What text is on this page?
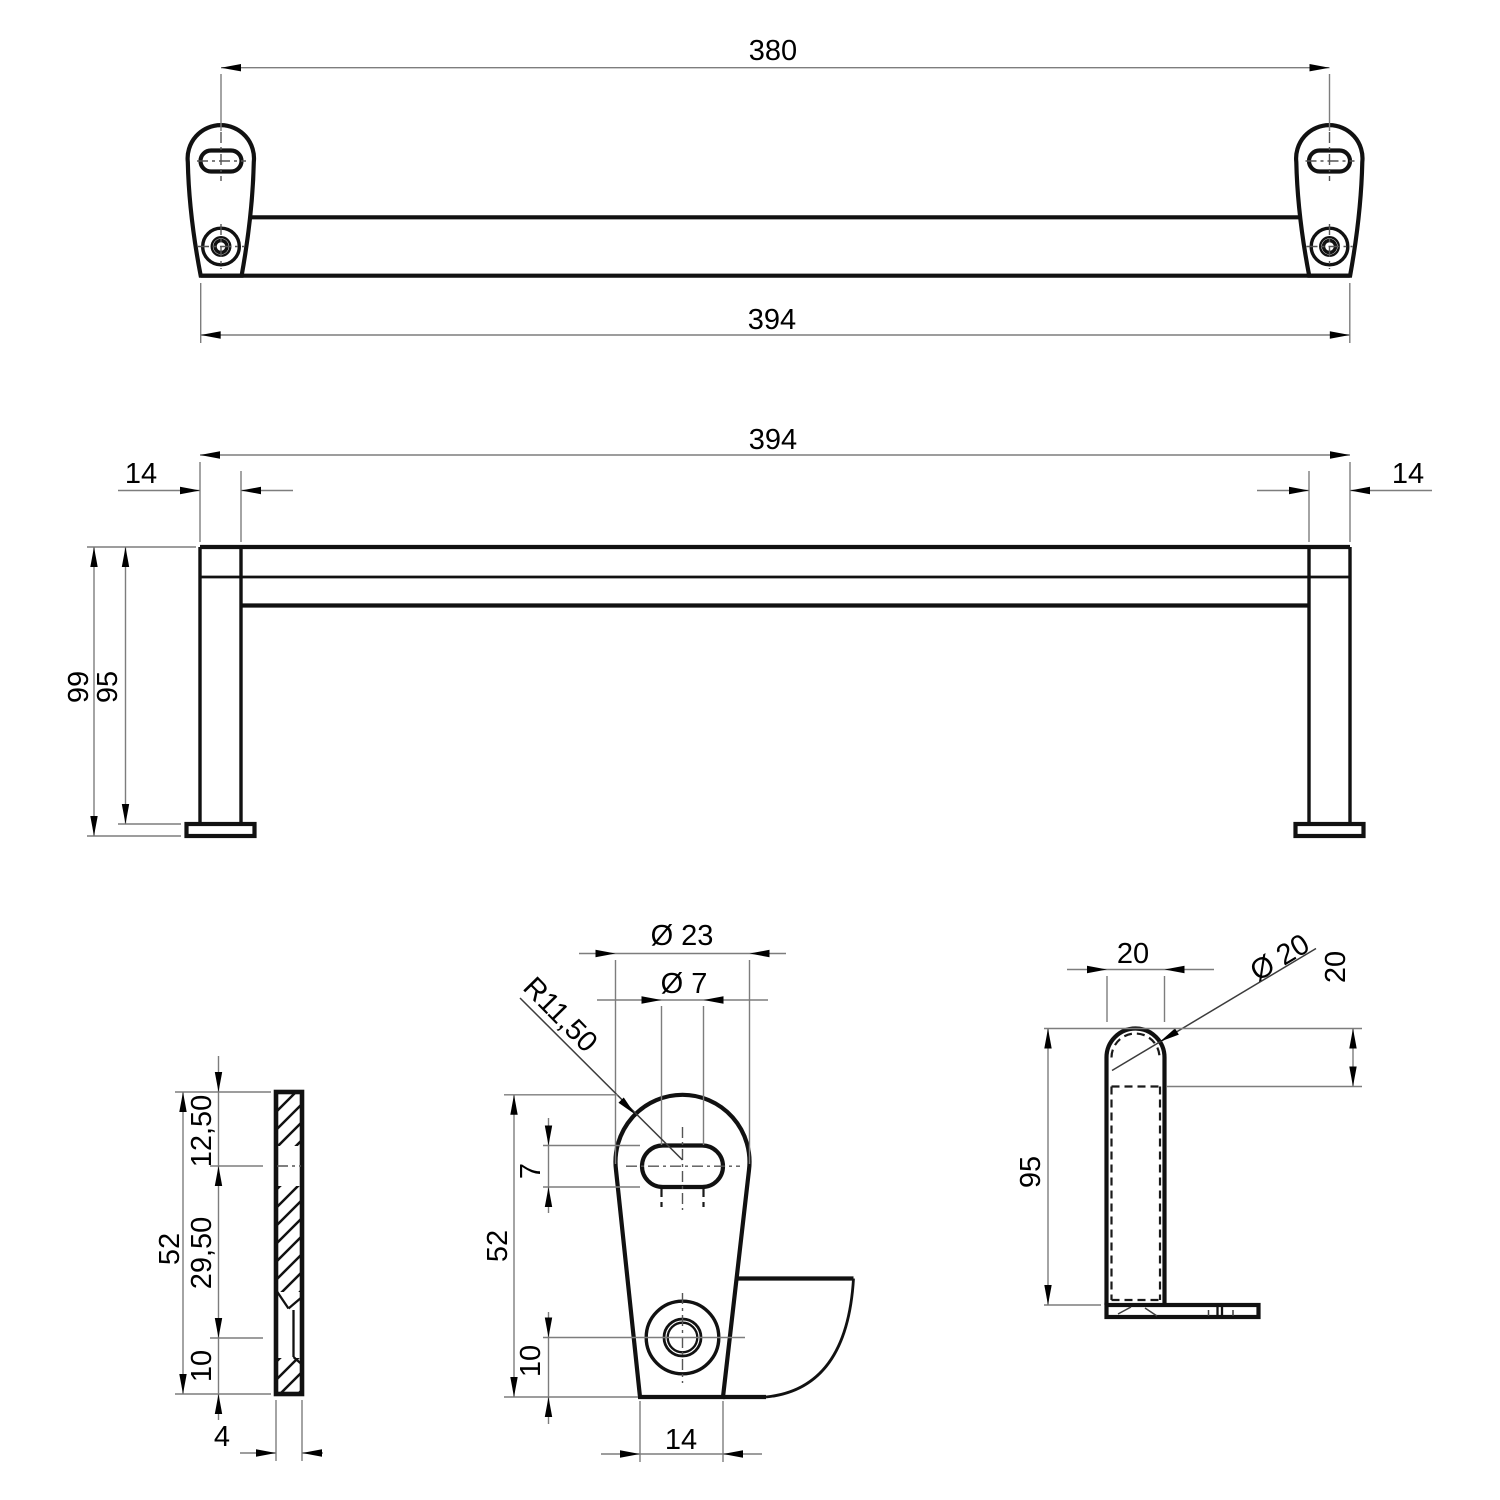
380
394
394
14	14
99
95
52
12,50
29,50
10
4
Ø 23
Ø 7
R11,50
7
52
10
14
20	Ø 20 20
95
